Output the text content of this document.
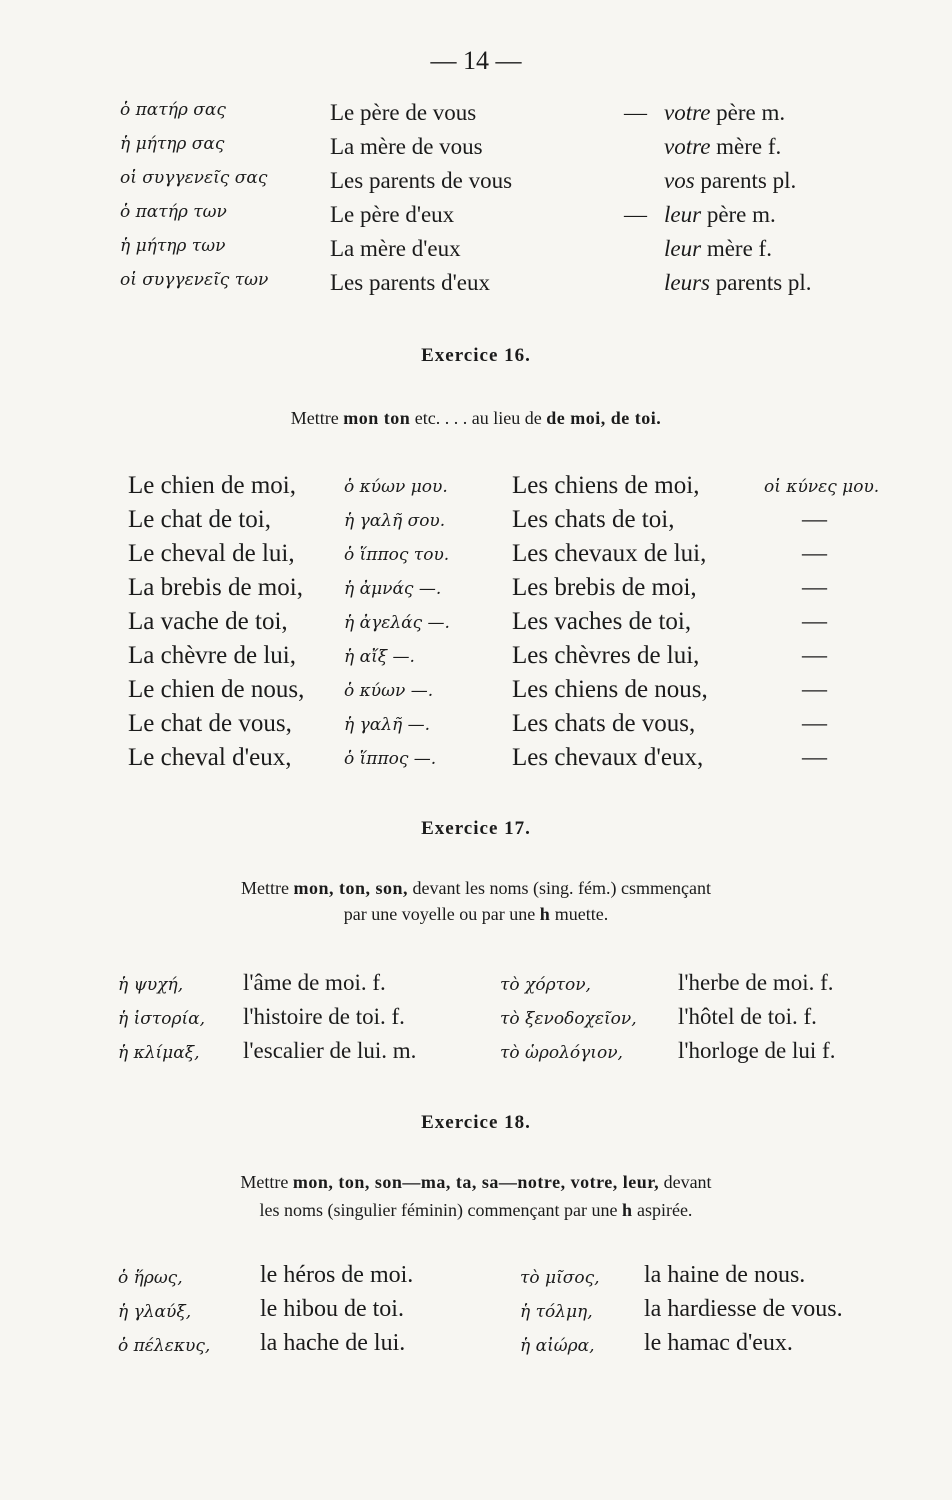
— 14 —
ὁ πατήρ σας	Le père de vous	— votre père m.
ἡ μήτηρ σας	La mère de vous	votre mère f.
οἱ συγγενεῖς σας	Les parents de vous	vos parents pl.
ὁ πατήρ των	Le père d'eux	— leur père m.
ἡ μήτηρ των	La mère d'eux	leur mère f.
οἱ συγγενεῖς των	Les parents d'eux	leurs parents pl.
Exercice 16.
Mettre mon ton etc. . . . au lieu de de moi, de toi.
Le chien de moi,	ὁ κύων μου.	Les chiens de moi,	οἱ κύνες μου.
Le chat de toi,	ἡ γαλῆ σου.	Les chats de toi,	—
Le cheval de lui,	ὁ ἵππος του.	Les chevaux de lui,	—
La brebis de moi, ἡ ἀμνάς —.	Les brebis de moi,	—
La vache de toi,	ἡ ἀγελάς —. Les vaches de toi,	—
La chèvre de lui,	ἡ αἴξ —.	Les chèvres de lui,	—
Le chien de nous, ὁ κύων —.	Les chiens de nous,	—
Le chat de vous,	ἡ γαλῆ —.	Les chats de vous,	—
Le cheval d'eux,	ὁ ἵππος —.	Les chevaux d'eux,	—
Exercice 17.
Mettre mon, ton, son, devant les noms (sing. fém.) csmmençant
par une voyelle ou par une h muette.
ἡ ψυχή,	l'âme de moi. f.	τὸ χόρτον,	l'herbe de moi. f.
ἡ ἱστορία, l'histoire de toi. f.	τὸ ξενοδοχεῖον, l'hôtel de toi. f.
ἡ κλίμαξ, l'escalier de lui. m.	τὸ ὡρολόγιον, l'horloge de lui f.
Exercice 18.
Mettre mon, ton, son—ma, ta, sa—notre, votre, leur, devant
les noms (singulier féminin) commençant par une h aspirée.
ὁ ἥρως,	le héros de moi.	τὸ μῖσος, la haine de nous.
ἡ γλαύξ,	le hibou de toi.	ἡ τόλμη, la hardiesse de vous.
ὁ πέλεκυς, la hache de lui.	ἡ αἰώρα, le hamac d'eux.
